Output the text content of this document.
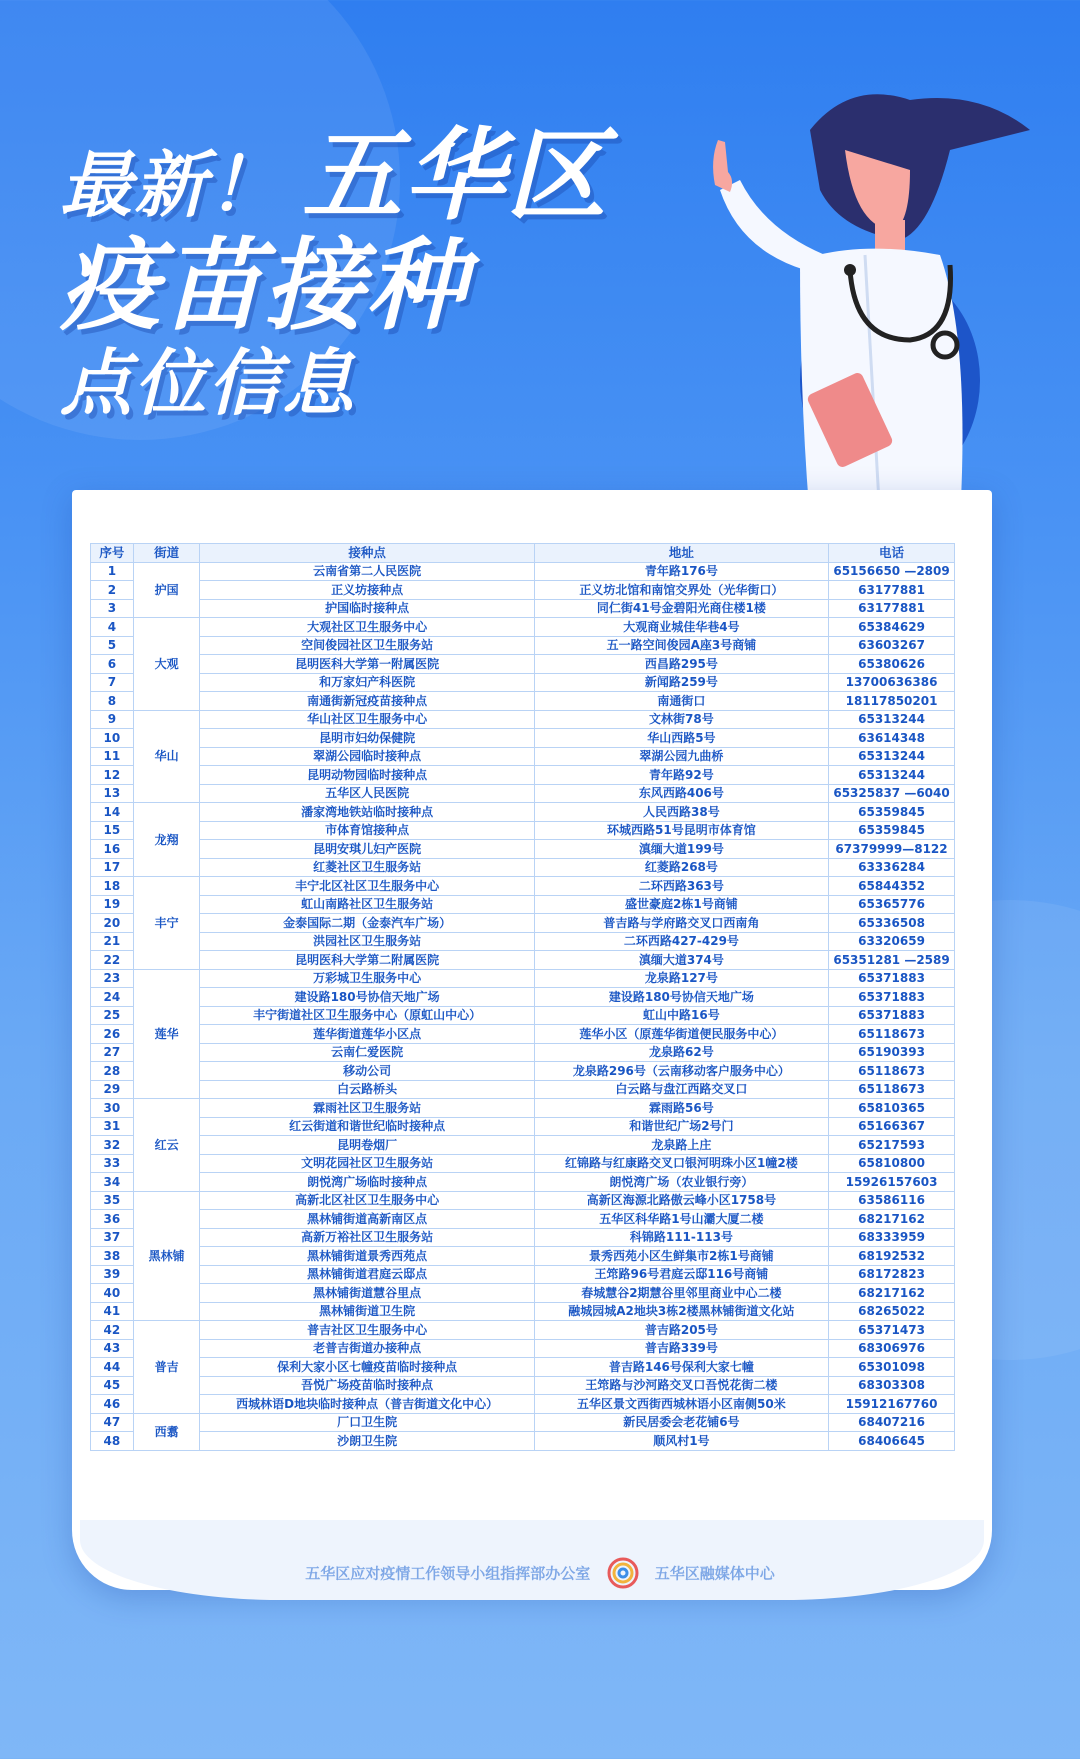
最新！ 五华区
疫苗接种
点位信息
序号	街道	接种点	地址	电话
1	护国	云南省第二人民医院	青年路176号	65156650 —2809
2		正义坊接种点	正义坊北馆和南馆交界处（光华街口）	63177881
3		护国临时接种点	同仁街41号金碧阳光商住楼1楼	63177881
4	大观	大观社区卫生服务中心	大观商业城佳华巷4号	65384629
5		空间俊园社区卫生服务站	五一路空间俊园A座3号商铺	63603267
6		昆明医科大学第一附属医院	西昌路295号	65380626
7		和万家妇产科医院	新闻路259号	13700636386
8		南通街新冠疫苗接种点	南通街口	18117850201
9	华山	华山社区卫生服务中心	文林街78号	65313244
10		昆明市妇幼保健院	华山西路5号	63614348
11		翠湖公园临时接种点	翠湖公园九曲桥	65313244
12		昆明动物园临时接种点	青年路92号	65313244
13		五华区人民医院	东风西路406号	65325837 —6040
14	龙翔	潘家湾地铁站临时接种点	人民西路38号	65359845
15		市体育馆接种点	环城西路51号昆明市体育馆	65359845
16		昆明安琪儿妇产医院	滇缅大道199号	67379999—8122
17		红菱社区卫生服务站	红菱路268号	63336284
18	丰宁	丰宁北区社区卫生服务中心	二环西路363号	65844352
19		虹山南路社区卫生服务站	盛世豪庭2栋1号商铺	65365776
20		金泰国际二期（金泰汽车广场）	普吉路与学府路交叉口西南角	65336508
21		洪园社区卫生服务站	二环西路427-429号	63320659
22		昆明医科大学第二附属医院	滇缅大道374号	65351281 —2589
23	莲华	万彩城卫生服务中心	龙泉路127号	65371883
24		建设路180号协信天地广场	建设路180号协信天地广场	65371883
25		丰宁街道社区卫生服务中心（原虹山中心）	虹山中路16号	65371883
26		莲华街道莲华小区点	莲华小区（原莲华街道便民服务中心）	65118673
27		云南仁爱医院	龙泉路62号	65190393
28		移动公司	龙泉路296号（云南移动客户服务中心）	65118673
29		白云路桥头	白云路与盘江西路交叉口	65118673
30	红云	霖雨社区卫生服务站	霖雨路56号	65810365
31		红云街道和谐世纪临时接种点	和谐世纪广场2号门	65166367
32		昆明卷烟厂	龙泉路上庄	65217593
33		文明花园社区卫生服务站	红锦路与红康路交叉口银河明珠小区1幢2楼	65810800
34		朗悦湾广场临时接种点	朗悦湾广场（农业银行旁）	15926157603
35	黑林铺	高新北区社区卫生服务中心	高新区海源北路傲云峰小区1758号	63586116
36		黑林铺街道高新南区点	五华区科华路1号山灞大厦二楼	68217162
37		高新万裕社区卫生服务站	科锦路111-113号	68333959
38		黑林铺街道景秀西苑点	景秀西苑小区生鲜集市2栋1号商铺	68192532
39		黑林铺街道君庭云邸点	王筇路96号君庭云邸116号商铺	68172823
40		黑林铺街道慧谷里点	春城慧谷2期慧谷里邻里商业中心二楼	68217162
41		黑林铺街道卫生院	融城园城A2地块3栋2楼黑林铺街道文化站	68265022
42	普吉	普吉社区卫生服务中心	普吉路205号	65371473
43		老普吉街道办接种点	普吉路339号	68306976
44		保利大家小区七幢疫苗临时接种点	普吉路146号保利大家七幢	65301098
45		吾悦广场疫苗临时接种点	王筇路与沙河路交叉口吾悦花街二楼	68303308
46		西城林语D地块临时接种点（普吉街道文化中心）	五华区景文西街西城林语小区南侧50米	15912167760
47	西翥	厂口卫生院	新民居委会老花铺6号	68407216
48		沙朗卫生院	顺风村1号	68406645
五华区应对疫情工作领导小组指挥部办公室	五华区融媒体中心
